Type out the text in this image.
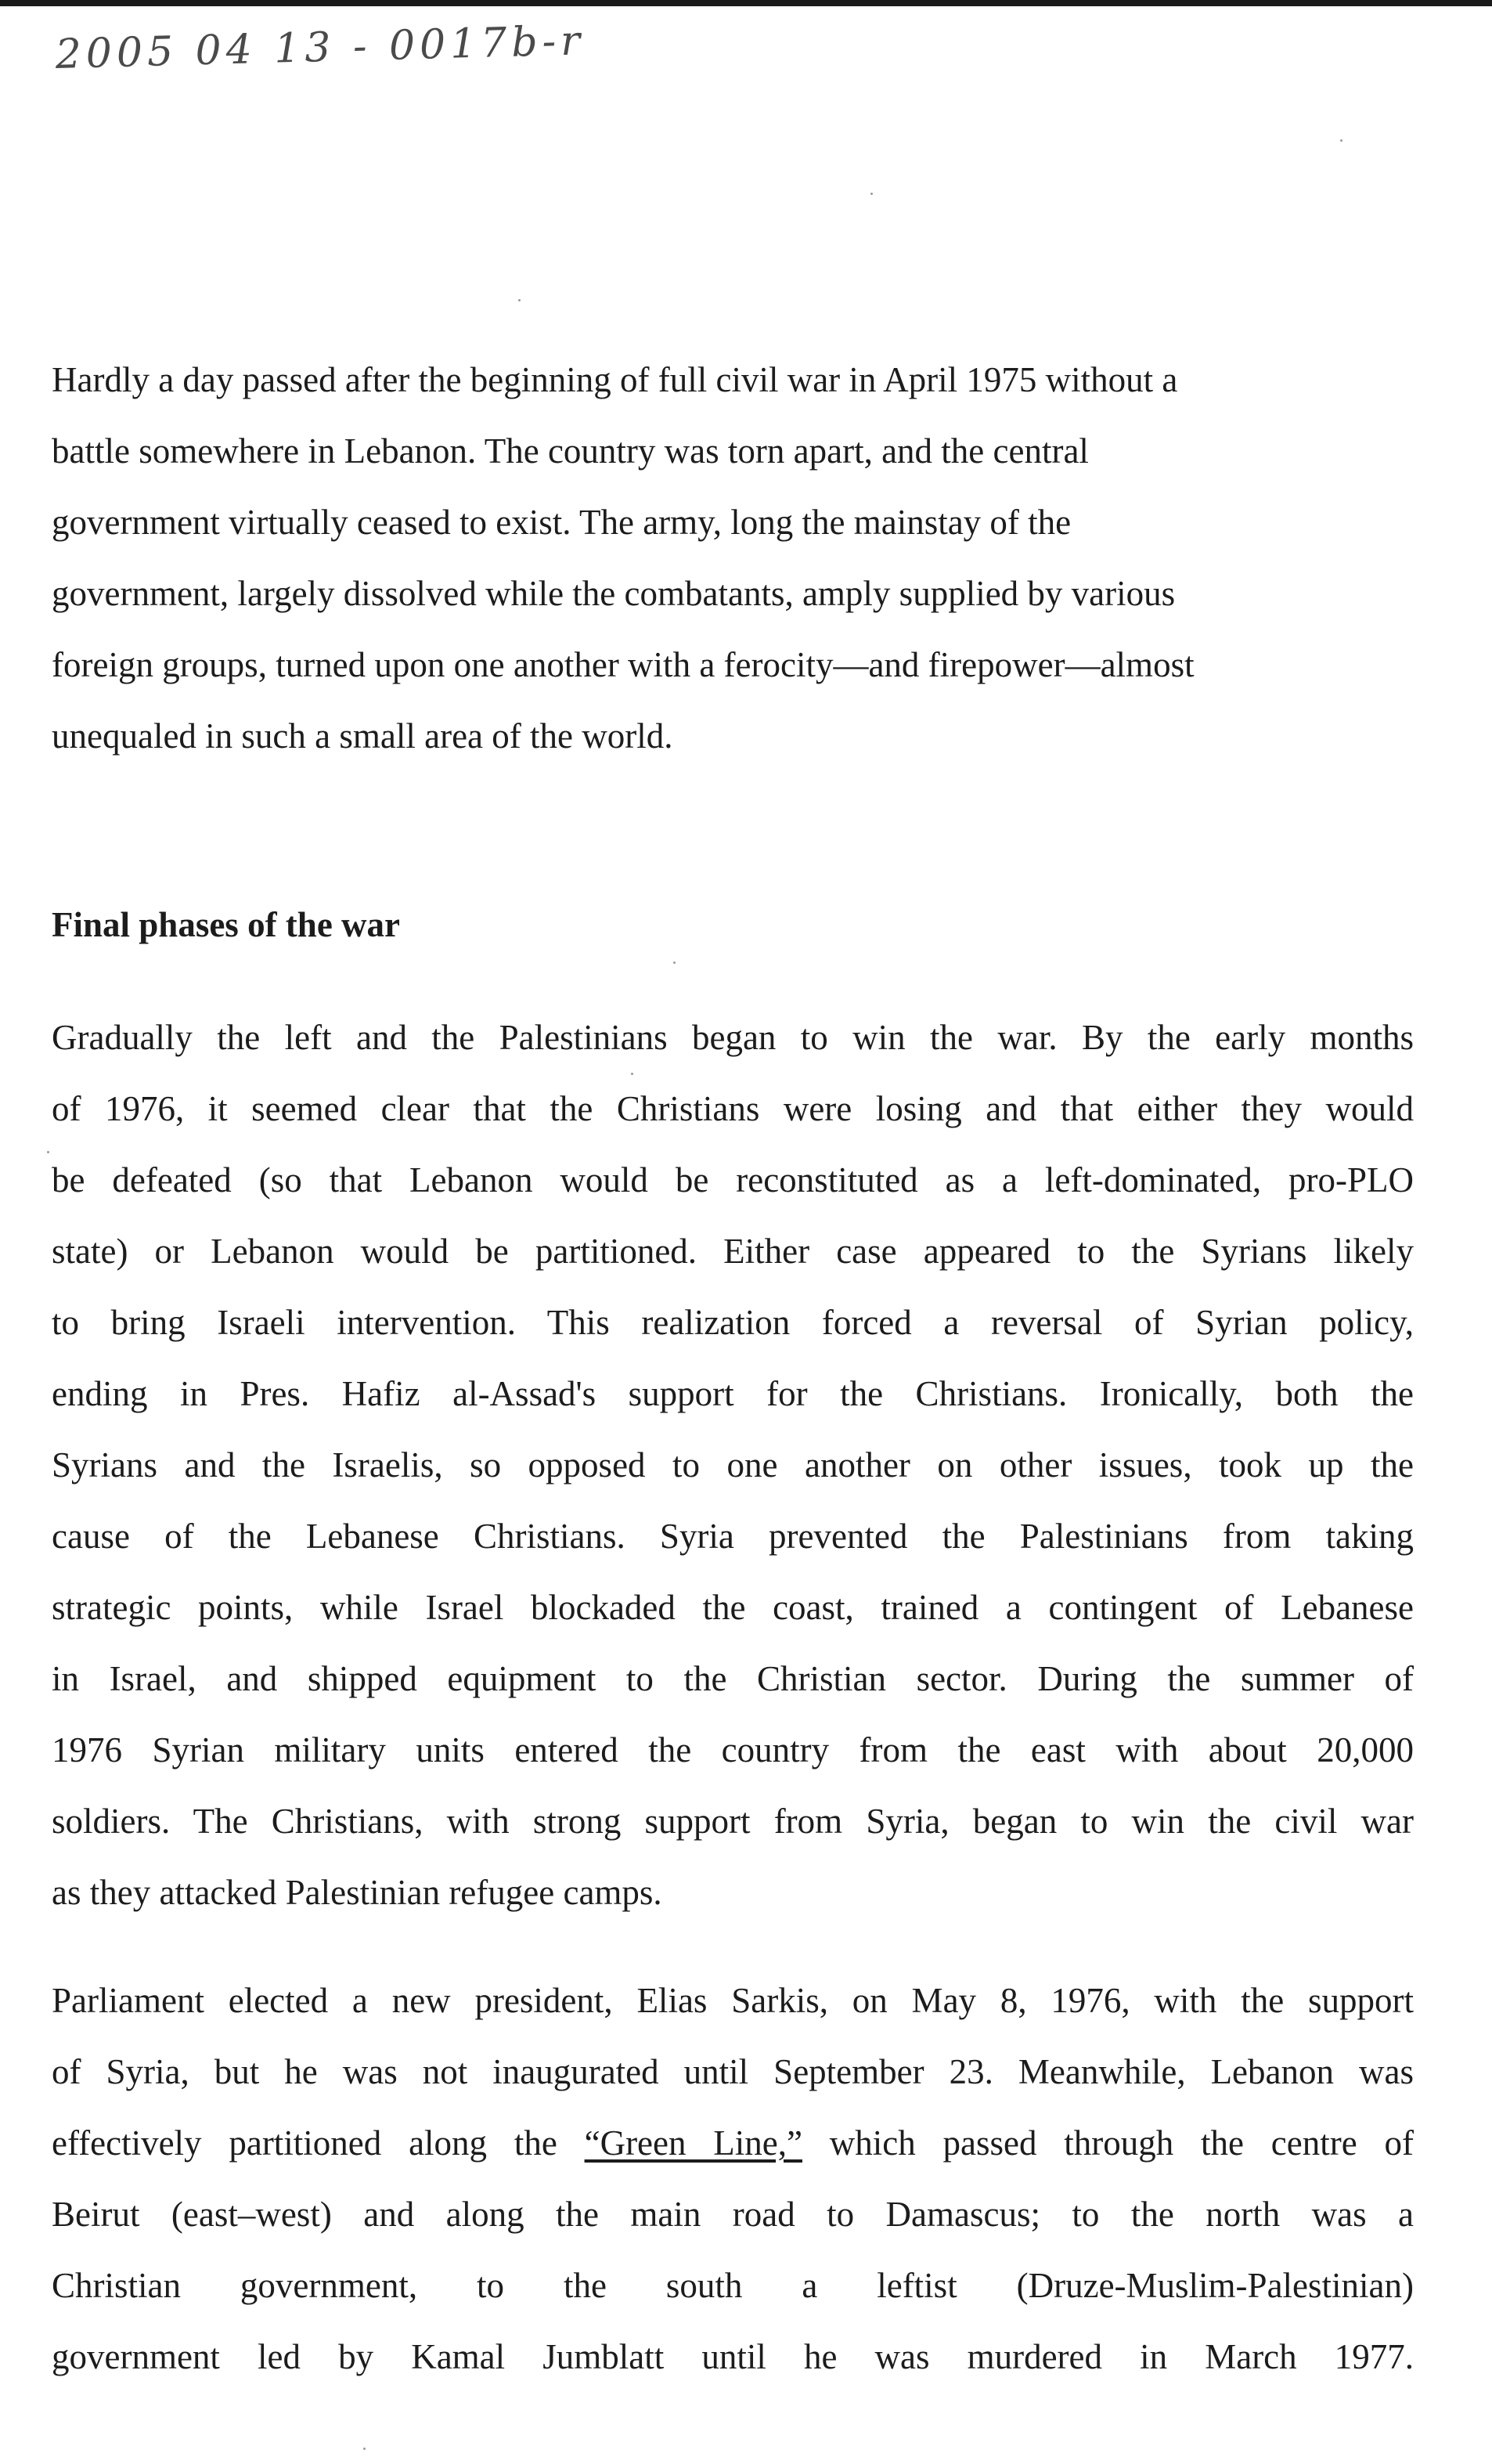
2005 04 13 - 0017b-r
Hardly a day passed after the beginning of full civil war in April 1975 without a
battle somewhere in Lebanon. The country was torn apart, and the central
government virtually ceased to exist. The army, long the mainstay of the
government, largely dissolved while the combatants, amply supplied by various
foreign groups, turned upon one another with a ferocity—and firepower—almost
unequaled in such a small area of the world.
Final phases of the war
Gradually the left and the Palestinians began to win the war. By the early months
of 1976, it seemed clear that the Christians were losing and that either they would
be defeated (so that Lebanon would be reconstituted as a left-dominated, pro-PLO
state) or Lebanon would be partitioned. Either case appeared to the Syrians likely
to bring Israeli intervention. This realization forced a reversal of Syrian policy,
ending in Pres. Hafiz al-Assad's support for the Christians. Ironically, both the
Syrians and the Israelis, so opposed to one another on other issues, took up the
cause of the Lebanese Christians. Syria prevented the Palestinians from taking
strategic points, while Israel blockaded the coast, trained a contingent of Lebanese
in Israel, and shipped equipment to the Christian sector. During the summer of
1976 Syrian military units entered the country from the east with about 20,000
soldiers. The Christians, with strong support from Syria, began to win the civil war
as they attacked Palestinian refugee camps.
Parliament elected a new president, Elias Sarkis, on May 8, 1976, with the support
of Syria, but he was not inaugurated until September 23. Meanwhile, Lebanon was
effectively partitioned along the “Green Line,” which passed through the centre of
Beirut (east–west) and along the main road to Damascus; to the north was a
Christian government, to the south a leftist (Druze-Muslim-Palestinian)
government led by Kamal Jumblatt until he was murdered in March 1977.
